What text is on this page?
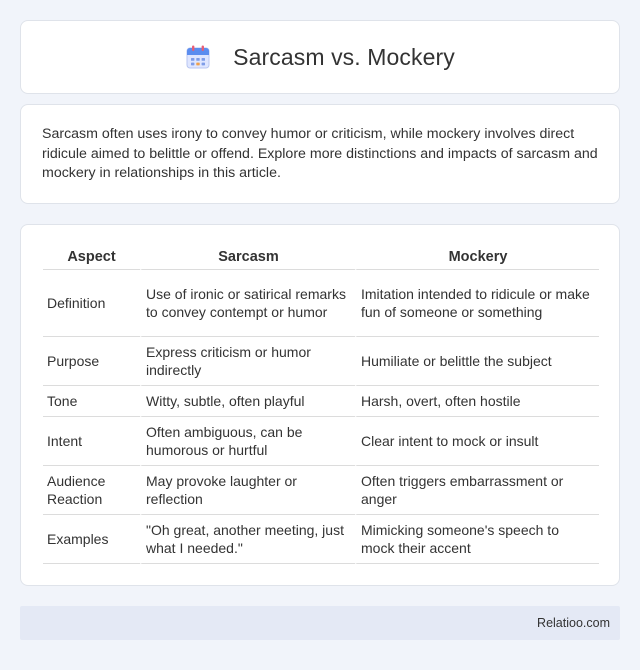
Sarcasm vs. Mockery

Sarcasm often uses irony to convey humor or criticism, while mockery involves direct ridicule aimed to belittle or offend. Explore more distinctions and impacts of sarcasm and mockery in relationships in this article.

Aspect	Sarcasm	Mockery
Definition	Use of ironic or satirical remarks to convey contempt or humor	Imitation intended to ridicule or make fun of someone or something
Purpose	Express criticism or humor indirectly	Humiliate or belittle the subject
Tone	Witty, subtle, often playful	Harsh, overt, often hostile
Intent	Often ambiguous, can be humorous or hurtful	Clear intent to mock or insult
Audience Reaction	May provoke laughter or reflection	Often triggers embarrassment or anger
Examples	"Oh great, another meeting, just what I needed."	Mimicking someone's speech to mock their accent
Relatioo.com
